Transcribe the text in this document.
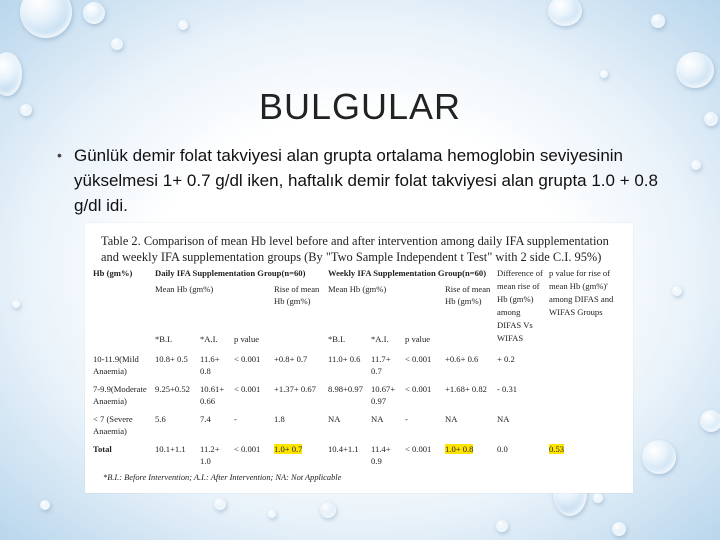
BULGULAR
• Günlük demir folat takviyesi alan grupta ortalama hemoglobin seviyesinin yükselmesi 1+ 0.7 g/dl iken, haftalık demir folat takviyesi alan grupta 1.0 + 0.8 g/dl idi.
Table 2. Comparison of mean Hb level before and after intervention among daily IFA supplementation and weekly IFA supplementation groups (By "Two Sample Independent t Test" with 2 side C.I. 95%)
Hb (gm%)	Daily IFA Supplementation Group(n=60)				Weekly IFA Supplementation Group(n=60)				Difference of mean rise of Hb (gm%) among DIFAS Vs WIFAS	p value for rise of mean Hb (gm%)' among DIFAS and WIFAS Groups
	Mean Hb (gm%)			Rise of mean Hb (gm%)	Mean Hb (gm%)			Rise of mean Hb (gm%)		
	*B.I.	*A.I.	p value		*B.I.	*A.I.	p value			
10-11.9(Mild Anaemia)	10.8+ 0.5	11.6+ 0.8	< 0.001	+0.8+ 0.7	11.0+ 0.6	11.7+ 0.7	< 0.001	+0.6+ 0.6	+ 0.2	
7-9.9(Moderate Anaemia)	9.25+0.52	10.61+ 0.66	< 0.001	+1.37+ 0.67	8.98+0.97	10.67+ 0.97	< 0.001	+1.68+ 0.82	- 0.31	
< 7 (Severe Anaemia)	5.6	7.4	-	1.8	NA	NA	-	NA	NA	
Total	10.1+1.1	11.2+ 1.0	< 0.001	1.0+ 0.7	10.4+1.1	11.4+ 0.9	< 0.001	1.0+ 0.8	0.0	0.53
*B.I.: Before Intervention; A.I.: After Intervention; NA: Not Applicable
